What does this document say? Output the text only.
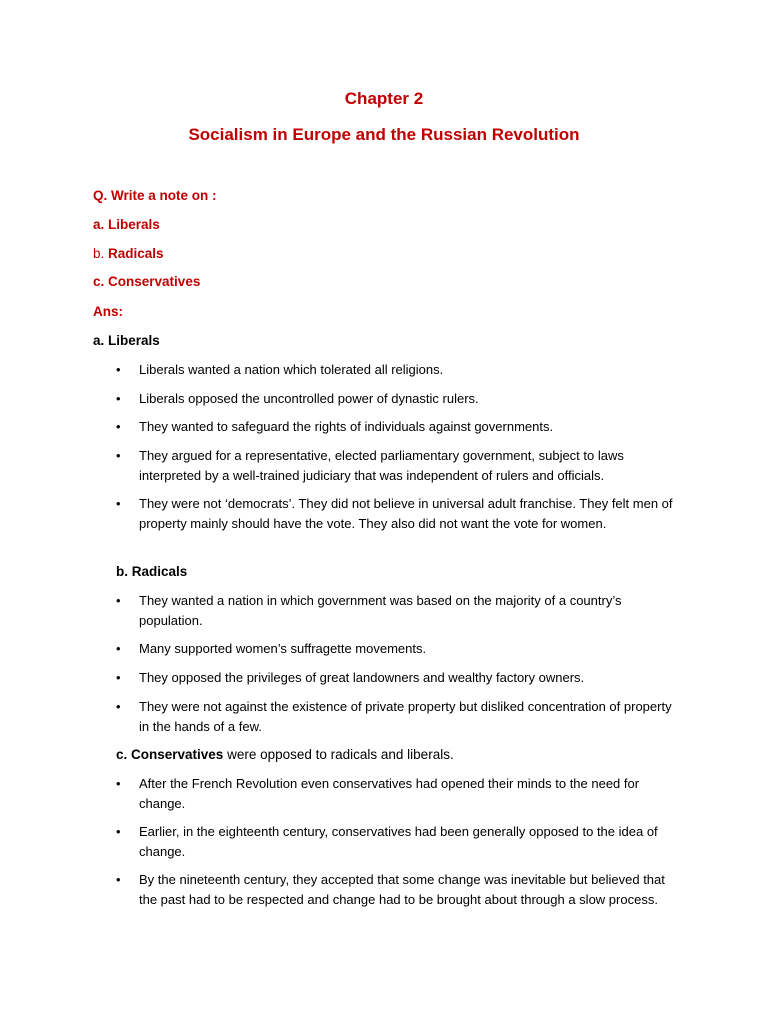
Chapter 2
Socialism in Europe and the Russian Revolution

Q. Write a note on :

a. Liberals

b. Radicals

c. Conservatives

Ans:

a. Liberals

• Liberals wanted a nation which tolerated all religions.
• Liberals opposed the uncontrolled power of dynastic rulers.
• They wanted to safeguard the rights of individuals against governments.
• They argued for a representative, elected parliamentary government, subject to laws interpreted by a well-trained judiciary that was independent of rulers and officials.
• They were not ‘democrats’. They did not believe in universal adult franchise. They felt men of property mainly should have the vote. They also did not want the vote for women.

b. Radicals

• They wanted a nation in which government was based on the majority of a country’s population.
• Many supported women’s suffragette movements.
• They opposed the privileges of great landowners and wealthy factory owners.
• They were not against the existence of private property but disliked concentration of property in the hands of a few.

c. Conservatives were opposed to radicals and liberals.

• After the French Revolution even conservatives had opened their minds to the need for change.
• Earlier, in the eighteenth century, conservatives had been generally opposed to the idea of change.
• By the nineteenth century, they accepted that some change was inevitable but believed that the past had to be respected and change had to be brought about through a slow process.
